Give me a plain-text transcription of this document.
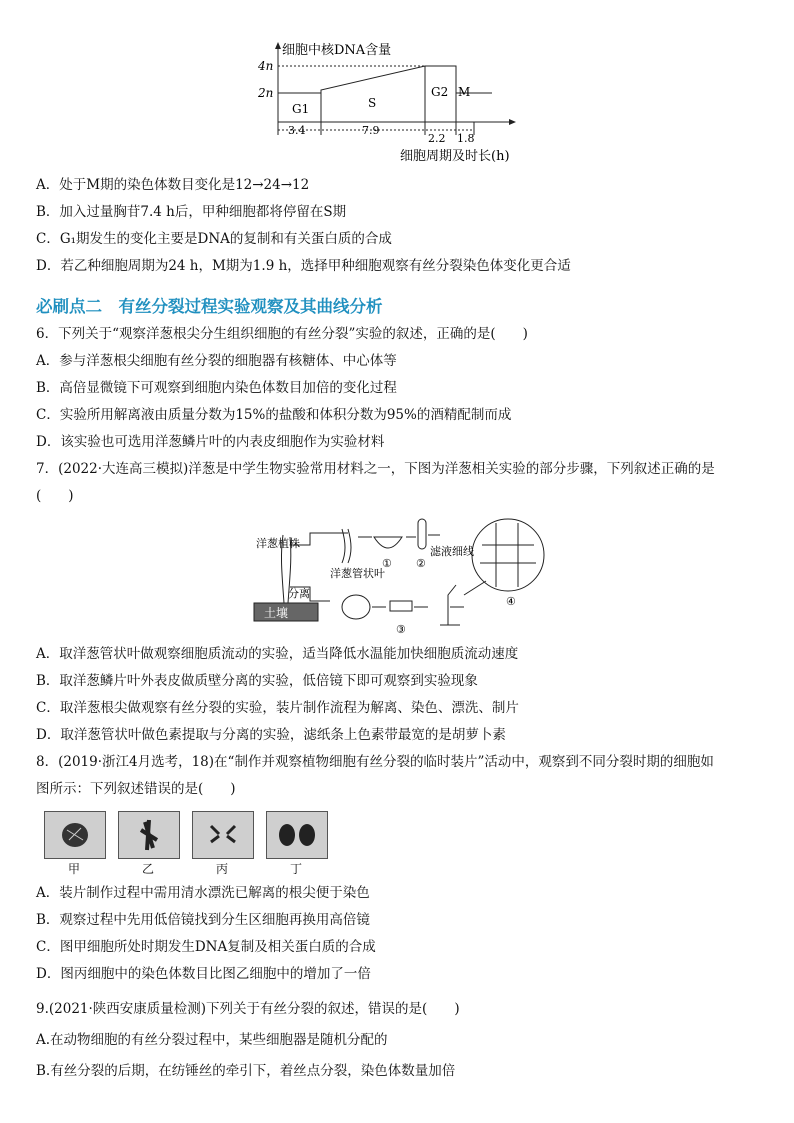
细胞中核DNA含量
4n
2n
G1	S
G2 M
3.4	7.9
2.2 1.8
细胞周期及时长(h)
A．处于M期的染色体数目变化是12→24→12
B．加入过量胸苷7.4 h后，甲种细胞都将停留在S期
C．G₁期发生的变化主要是DNA的复制和有关蛋白质的合成
D．若乙种细胞周期为24 h，M期为1.9 h，选择甲种细胞观察有丝分裂染色体变化更合适
必刷点二　有丝分裂过程实验观察及其曲线分析
6．下列关于“观察洋葱根尖分生组织细胞的有丝分裂”实验的叙述，正确的是(　　)
A．参与洋葱根尖细胞有丝分裂的细胞器有核糖体、中心体等
B．高倍显微镜下可观察到细胞内染色体数目加倍的变化过程
C．实验所用解离液由质量分数为15%的盐酸和体积分数为95%的酒精配制而成
D．该实验也可选用洋葱鳞片叶的内表皮细胞作为实验材料
7．(2022·大连高三模拟)洋葱是中学生物实验常用材料之一，下图为洋葱相关实验的部分步骤，下列叙述正确的是
(　　)
土壤
洋葱植株
分离
洋葱管状叶
① ②
滤液细线
③
④
A．取洋葱管状叶做观察细胞质流动的实验，适当降低水温能加快细胞质流动速度
B．取洋葱鳞片叶外表皮做质壁分离的实验，低倍镜下即可观察到实验现象
C．取洋葱根尖做观察有丝分裂的实验，装片制作流程为解离、染色、漂洗、制片
D．取洋葱管状叶做色素提取与分离的实验，滤纸条上色素带最宽的是胡萝卜素
8．(2019·浙江4月选考，18)在“制作并观察植物细胞有丝分裂的临时装片”活动中，观察到不同分裂时期的细胞如
图所示：下列叙述错误的是(　　)
甲	乙	丙	丁
A．装片制作过程中需用清水漂洗已解离的根尖便于染色
B．观察过程中先用低倍镜找到分生区细胞再换用高倍镜
C．图甲细胞所处时期发生DNA复制及相关蛋白质的合成
D．图丙细胞中的染色体数目比图乙细胞中的增加了一倍
9.(2021·陕西安康质量检测)下列关于有丝分裂的叙述，错误的是(　　)
A.在动物细胞的有丝分裂过程中，某些细胞器是随机分配的
B.有丝分裂的后期，在纺锤丝的牵引下，着丝点分裂，染色体数量加倍
